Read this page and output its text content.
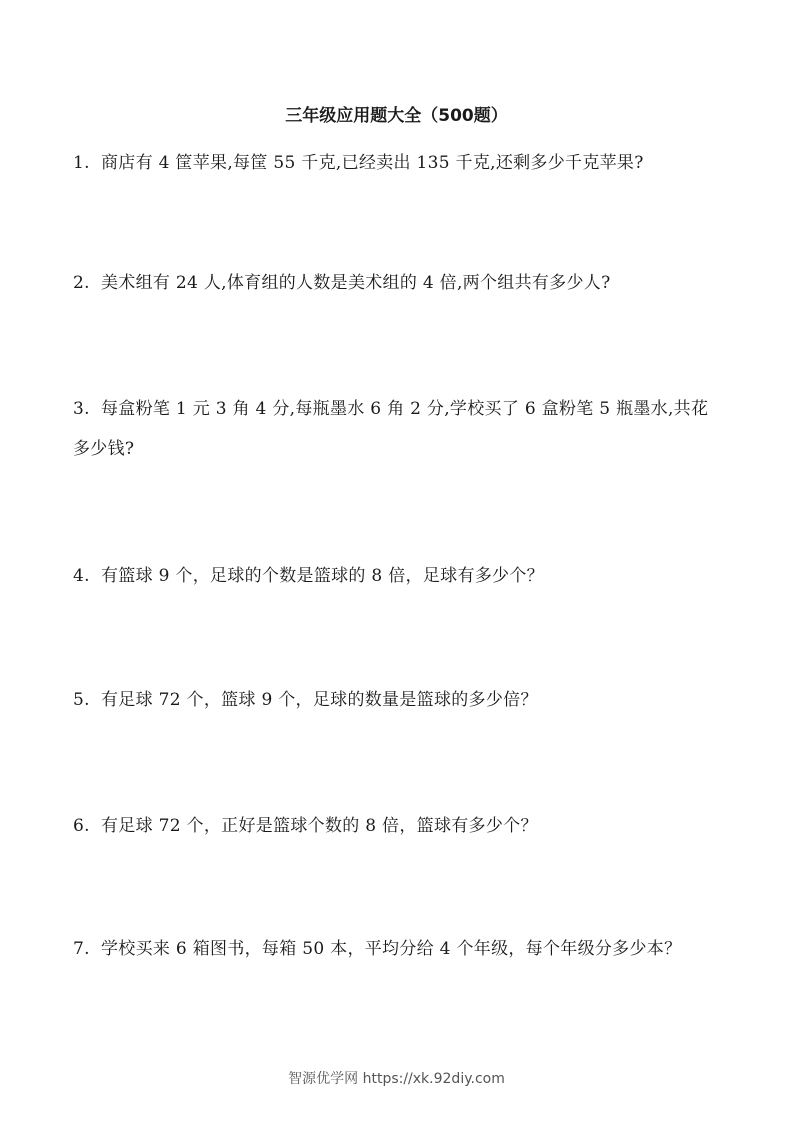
三年级应用题大全（500题）
1. 商店有 4 筐苹果,每筐 55 千克,已经卖出 135 千克,还剩多少千克苹果?
2. 美术组有 24 人,体育组的人数是美术组的 4 倍,两个组共有多少人?
3. 每盒粉笔 1 元 3 角 4 分,每瓶墨水 6 角 2 分,学校买了 6 盒粉笔 5 瓶墨水,共花多少钱?
4. 有篮球 9 个，足球的个数是篮球的 8 倍，足球有多少个？
5. 有足球 72 个，篮球 9 个，足球的数量是篮球的多少倍？
6. 有足球 72 个，正好是篮球个数的 8 倍，篮球有多少个？
7. 学校买来 6 箱图书，每箱 50 本，平均分给 4 个年级，每个年级分多少本？
智源优学网 https://xk.92diy.com
